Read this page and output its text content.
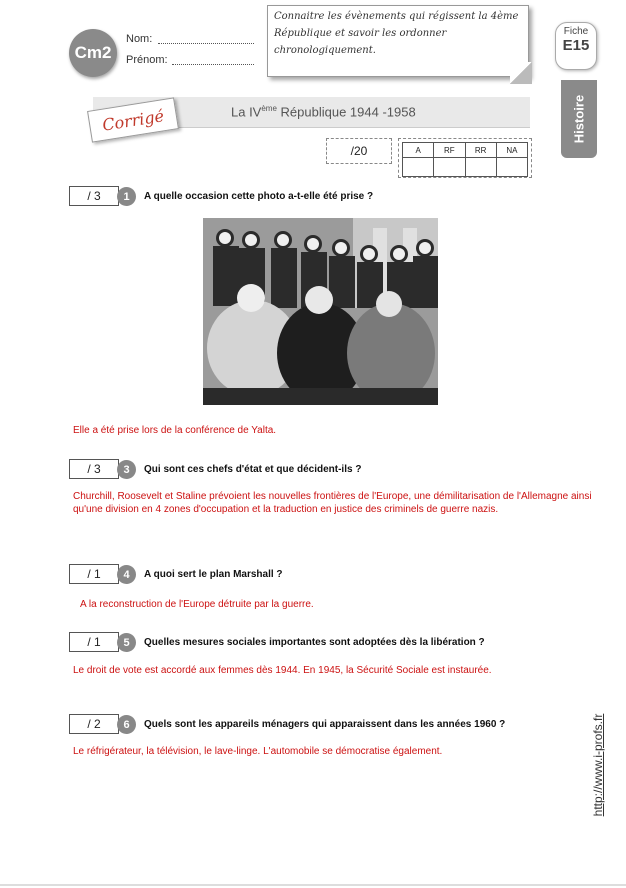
Cm2
Nom:
Prénom:
Connaitre les évènements qui régissent la 4ème
République et savoir les ordonner
chronologiquement.
Fiche
E15
Histoire
La IVème République 1944 -1958
Corrigé
/20	A	RF	RR	NA

/ 3	1	A quelle occasion cette photo a-t-elle été prise ?
Elle a été prise lors de la conférence de Yalta.
/ 3	3	Qui sont ces chefs d'état et que décident-ils ?
Churchill, Roosevelt et Staline prévoient les nouvelles frontières de l'Europe, une démilitarisation de l'Allemagne ainsi qu'une division en 4 zones d'occupation et la traduction en justice des criminels de guerre nazis.
/ 1	4	A quoi sert le plan Marshall ?
A la reconstruction de l'Europe détruite par la guerre.
/ 1	5	Quelles mesures sociales importantes sont adoptées dès la libération ?
Le droit de vote est accordé aux femmes dès 1944. En 1945, la Sécurité Sociale est instaurée.
/ 2	6	Quels sont les appareils ménagers qui apparaissent dans les années 1960 ?
Le réfrigérateur, la télévision, le lave-linge. L'automobile se démocratise également.	http://www.i-profs.fr
